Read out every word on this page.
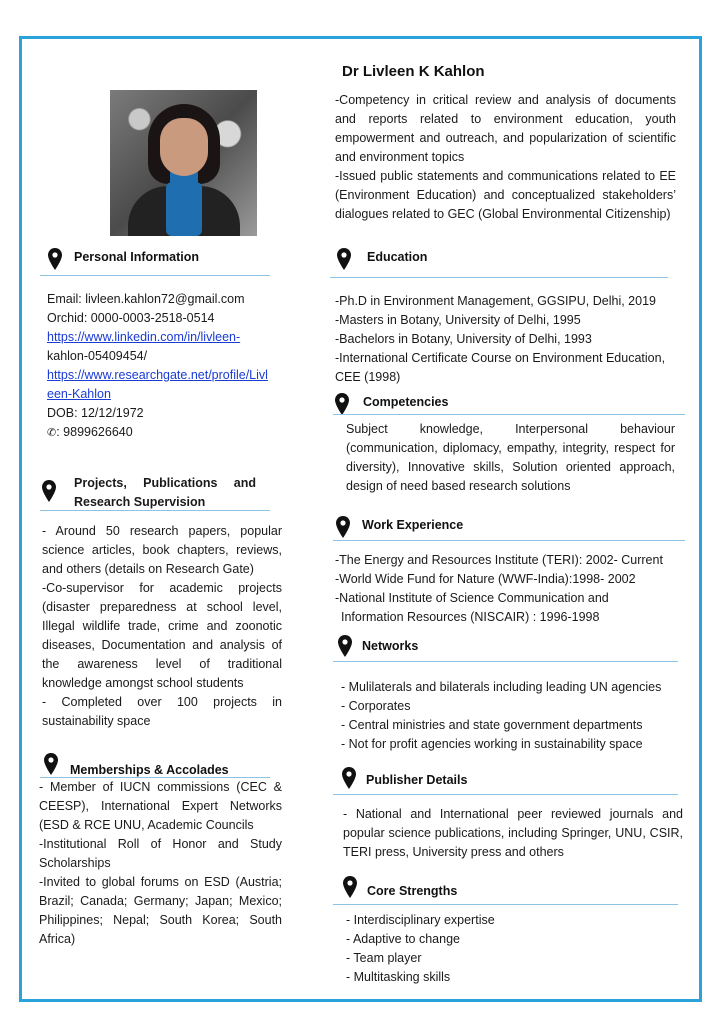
Dr Livleen K Kahlon
-Competency in critical review and analysis of documents and reports related to environment education, youth empowerment and outreach, and popularization of scientific and environment topics
-Issued public statements and communications related to EE (Environment Education) and conceptualized stakeholders’ dialogues related to GEC (Global Environmental Citizenship)
Personal Information
Email: livleen.kahlon72@gmail.com
Orchid: 0000-0003-2518-0514
https://www.linkedin.com/in/livleen-
kahlon-05409454/
https://www.researchgate.net/profile/Livl
een-Kahlon
DOB: 12/12/1972
✆: 9899626640
Projects, Publications and
Research Supervision
- Around 50 research papers, popular science articles, book chapters, reviews, and others (details on Research Gate)
-Co-supervisor for academic projects (disaster preparedness at school level, Illegal wildlife trade, crime and zoonotic diseases, Documentation and analysis of the awareness level of traditional knowledge amongst school students
- Completed over 100 projects in sustainability space
Memberships & Accolades
- Member of IUCN commissions (CEC & CEESP), International Expert Networks (ESD & RCE UNU, Academic Councils
-Institutional Roll of Honor and Study Scholarships
-Invited to global forums on ESD (Austria; Brazil; Canada; Germany; Japan; Mexico; Philippines; Nepal; South Korea; South Africa)
Education
-Ph.D in Environment Management, GGSIPU, Delhi, 2019
-Masters in Botany, University of Delhi, 1995
-Bachelors in Botany, University of Delhi, 1993
-International Certificate Course on Environment Education,
CEE (1998)
Competencies
Subject knowledge, Interpersonal behaviour (communication, diplomacy, empathy, integrity, respect for diversity), Innovative skills, Solution oriented approach, design of need based research solutions
Work Experience
-The Energy and Resources Institute (TERI): 2002- Current
-World Wide Fund for Nature (WWF-India):1998- 2002
-National Institute of Science Communication and
Information Resources (NISCAIR) : 1996-1998
Networks
- Mulilaterals and bilaterals including leading UN agencies
- Corporates
- Central ministries and state government departments
- Not for profit agencies working in sustainability space
Publisher Details
- National and International peer reviewed journals and popular science publications, including Springer, UNU, CSIR, TERI press, University press and others
Core Strengths
- Interdisciplinary expertise
- Adaptive to change
- Team player
- Multitasking skills
